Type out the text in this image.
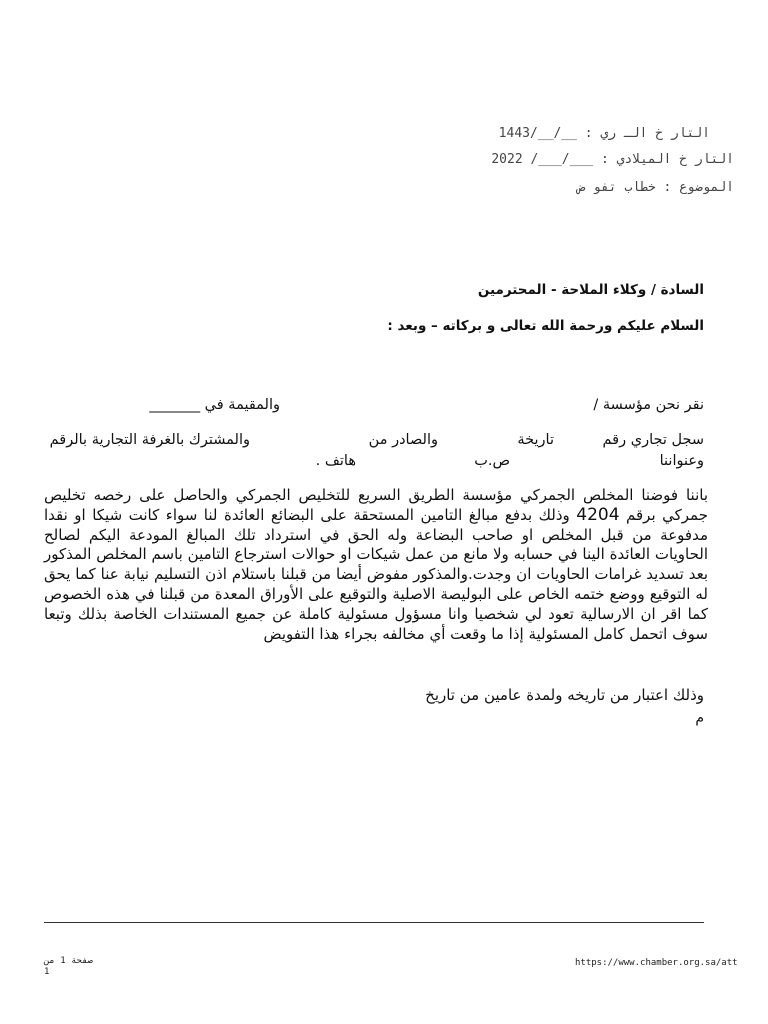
التار خ الـ ري : __/__/1443
التار خ الميلادي : ___/___/ 2022
الموضوع : خطاب تفو ض
السادة / وكلاء الملاحة - المحترمين
السلام عليكم ورحمة الله تعالى و بركاته – وبعد :
نقر نحن مؤسسة /
والمقيمة في _______
سجل تجاري رقم
تاريخة
والصادر من
والمشترك بالغرفة التجارية بالرقم
وعنواننا
ص.ب
هاتف .
باننا فوضنا المخلص الجمركي مؤسسة الطريق السريع للتخليص الجمركي والحاصل على رخصه تخليص جمركي برقم 4204 وذلك بدفع مبالغ التامين المستحقة على البضائع العائدة لنا سواء كانت شيكا او نقدا مدفوعة من قبل المخلص او صاحب البضاعة وله الحق في استرداد تلك المبالغ المودعة اليكم لصالح الحاويات العائدة الينا في حسابه ولا مانع من عمل شيكات او حوالات استرجاع التامين باسم المخلص المذكور بعد تسديد غرامات الحاويات ان وجدت.والمذكور مفوض أيضا من قبلنا باستلام اذن التسليم نيابة عنا كما يحق له التوقيع ووضع ختمه الخاص على البوليصة الاصلية والتوقيع على الأوراق المعدة من قبلنا في هذه الخصوص كما اقر ان الارسالية تعود لي شخصيا وانا مسؤول مسئولية كاملة عن جميع المستندات الخاصة بذلك وتبعا سوف اتحمل كامل المسئولية إذا ما وقعت أي مخالفه بجراء هذا التفويض
وذلك اعتبار من تاريخه ولمدة عامين من تاريخ
م
https://www.chamber.org.sa/att
صفحة 1 من
1
